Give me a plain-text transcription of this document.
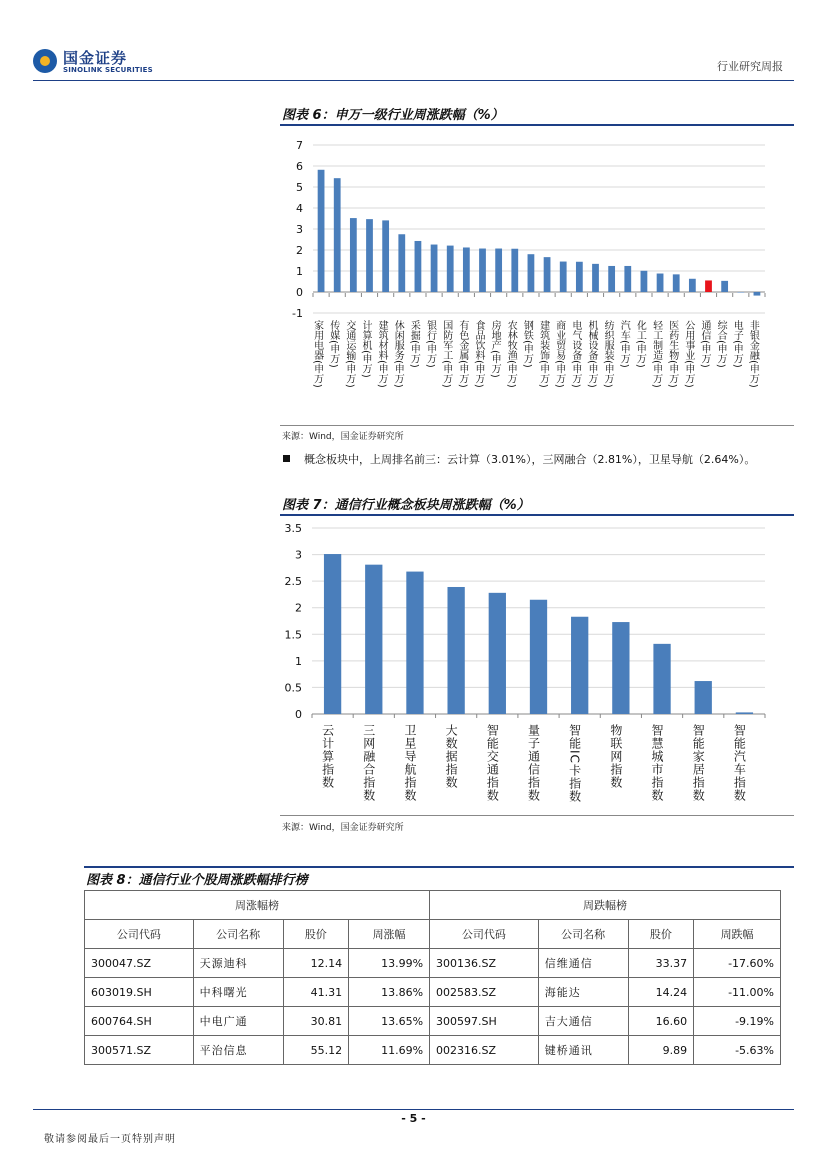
国金证券
SINOLINK SECURITIES	行业研究周报
图表 6：申万一级行业周涨跌幅（%）
7
6
5
4
3
2
1
0
-1
家用电器(申万) 传媒(申万) 交通运输(申万) 计算机(申万) 建筑材料(申万) 休闲服务(申万) 采掘(申万) 银行(申万) 国防军工(申万) 有色金属(申万) 食品饮料(申万) 房地产(申万) 农林牧渔(申万) 钢铁(申万) 建筑装饰(申万) 商业贸易(申万) 电气设备(申万) 机械设备(申万) 纺织服装(申万) 汽车(申万) 化工(申万) 轻工制造(申万) 医药生物(申万) 公用事业(申万) 通信(申万) 综合(申万) 电子(申万) 非银金融(申万)
来源：Wind，国金证券研究所
概念板块中，上周排名前三：云计算（3.01%），三网融合（2.81%），卫星导航（2.64%）。
图表 7：通信行业概念板块周涨跌幅（%）
3.5
3
2.5
2
1.5
1
0.5
0
云计算指数 三网融合指数 卫星导航指数 大数据指数 智能交通指数 量子通信指数 智能IC卡指数 物联网指数 智慧城市指数 智能家居指数 智能汽车指数
来源：Wind，国金证券研究所
图表 8：通信行业个股周涨跌幅排行榜
周涨幅榜				周跌幅榜			
公司代码	公司名称	股价	周涨幅	公司代码	公司名称	股价	周跌幅
300047.SZ	天源迪科	12.14	13.99%	300136.SZ	信维通信	33.37	-17.60%
603019.SH	中科曙光	41.31	13.86%	002583.SZ	海能达	14.24	-11.00%
600764.SH	中电广通	30.81	13.65%	300597.SH	吉大通信	16.60	-9.19%
300571.SZ	平治信息	55.12	11.69%	002316.SZ	键桥通讯	9.89	-5.63%
- 5 -
敬请参阅最后一页特别声明
